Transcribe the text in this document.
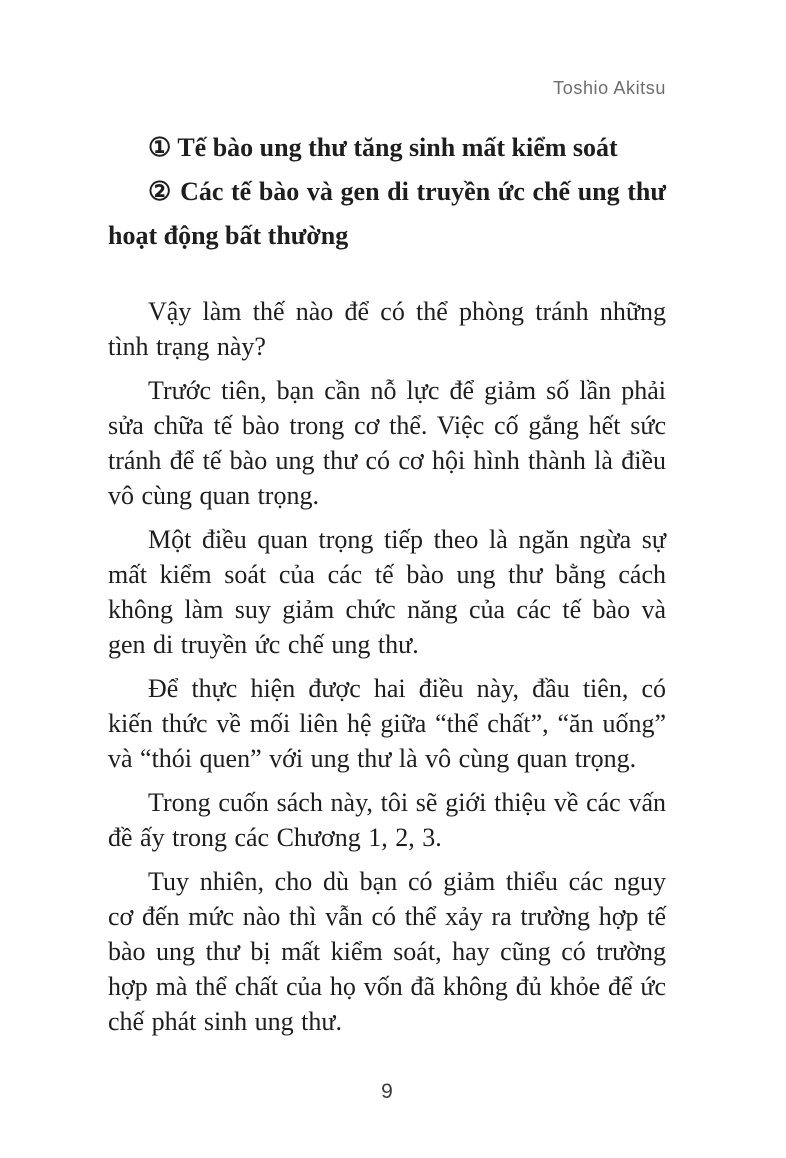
Toshio Akitsu
① Tế bào ung thư tăng sinh mất kiểm soát
② Các tế bào và gen di truyền ức chế ung thư hoạt động bất thường

Vậy làm thế nào để có thể phòng tránh những tình trạng này?

Trước tiên, bạn cần nỗ lực để giảm số lần phải sửa chữa tế bào trong cơ thể. Việc cố gắng hết sức tránh để tế bào ung thư có cơ hội hình thành là điều vô cùng quan trọng.

Một điều quan trọng tiếp theo là ngăn ngừa sự mất kiểm soát của các tế bào ung thư bằng cách không làm suy giảm chức năng của các tế bào và gen di truyền ức chế ung thư.

Để thực hiện được hai điều này, đầu tiên, có kiến thức về mối liên hệ giữa “thể chất”, “ăn uống” và “thói quen” với ung thư là vô cùng quan trọng.

Trong cuốn sách này, tôi sẽ giới thiệu về các vấn đề ấy trong các Chương 1, 2, 3.

Tuy nhiên, cho dù bạn có giảm thiểu các nguy cơ đến mức nào thì vẫn có thể xảy ra trường hợp tế bào ung thư bị mất kiểm soát, hay cũng có trường hợp mà thể chất của họ vốn đã không đủ khỏe để ức chế phát sinh ung thư.

9
